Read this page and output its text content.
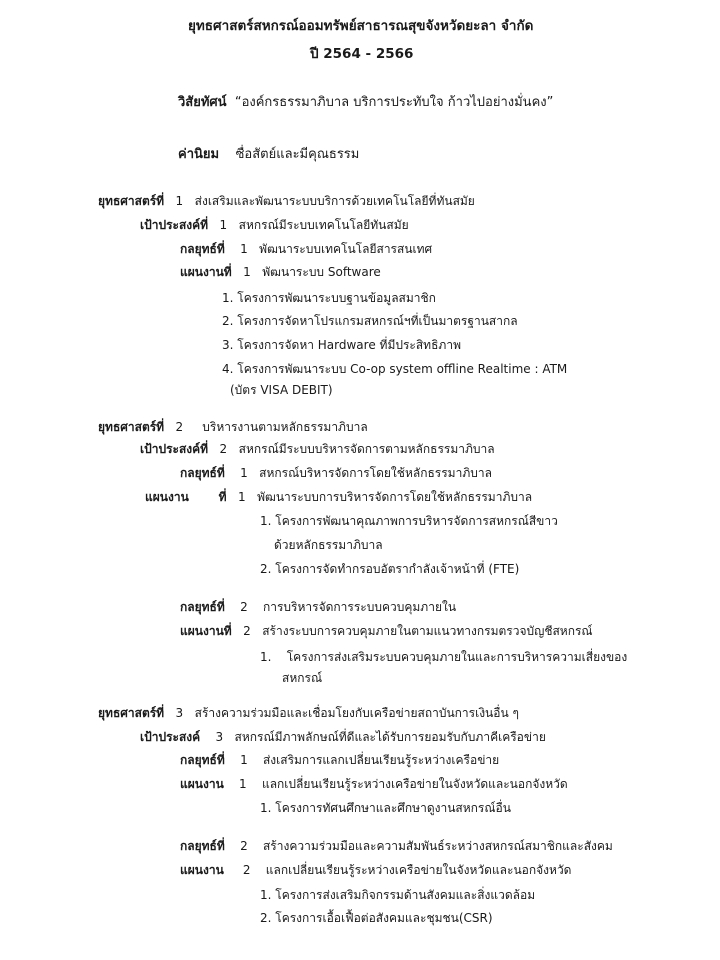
ยุทธศาสตร์สหกรณ์ออมทรัพย์สาธารณสุขจังหวัดยะลา จำกัด
ปี 2564 - 2566
วิสัยทัศน์ “องค์กรธรรมาภิบาล บริการประทับใจ ก้าวไปอย่างมั่นคง”
ค่านิยม ซื่อสัตย์และมีคุณธรรม
ยุทธศาสตร์ที่ 1 ส่งเสริมและพัฒนาระบบบริการด้วยเทคโนโลยีที่ทันสมัย
เป้าประสงค์ที่ 1 สหกรณ์มีระบบเทคโนโลยีทันสมัย
กลยุทธ์ที่ 1 พัฒนาระบบเทคโนโลยีสารสนเทศ
แผนงานที่ 1 พัฒนาระบบ Software
1. โครงการพัฒนาระบบฐานข้อมูลสมาชิก
2. โครงการจัดหาโปรแกรมสหกรณ์ฯที่เป็นมาตรฐานสากล
3. โครงการจัดหา Hardware ที่มีประสิทธิภาพ
4. โครงการพัฒนาระบบ Co-op system offline Realtime : ATM
(บัตร VISA DEBIT)
ยุทธศาสตร์ที่ 2 บริหารงานตามหลักธรรมาภิบาล
เป้าประสงค์ที่ 2 สหกรณ์มีระบบบริหารจัดการตามหลักธรรมาภิบาล
กลยุทธ์ที่ 1 สหกรณ์บริหารจัดการโดยใช้หลักธรรมาภิบาล
แผนงาน ที่ 1 พัฒนาระบบการบริหารจัดการโดยใช้หลักธรรมาภิบาล
1. โครงการพัฒนาคุณภาพการบริหารจัดการสหกรณ์สีขาว
ด้วยหลักธรรมาภิบาล
2. โครงการจัดทำกรอบอัตรากำลังเจ้าหน้าที่ (FTE)
กลยุทธ์ที่ 2 การบริหารจัดการระบบควบคุมภายใน
แผนงานที่ 2 สร้างระบบการควบคุมภายในตามแนวทางกรมตรวจบัญชีสหกรณ์
1. โครงการส่งเสริมระบบควบคุมภายในและการบริหารความเสี่ยงของ
สหกรณ์
ยุทธศาสตร์ที่ 3 สร้างความร่วมมือและเชื่อมโยงกับเครือข่ายสถาบันการเงินอื่น ๆ
เป้าประสงค์ 3 สหกรณ์มีภาพลักษณ์ที่ดีและได้รับการยอมรับกับภาคีเครือข่าย
กลยุทธ์ที่ 1 ส่งเสริมการแลกเปลี่ยนเรียนรู้ระหว่างเครือข่าย
แผนงาน 1 แลกเปลี่ยนเรียนรู้ระหว่างเครือข่ายในจังหวัดและนอกจังหวัด
1. โครงการทัศนศึกษาและศึกษาดูงานสหกรณ์อื่น
กลยุทธ์ที่ 2 สร้างความร่วมมือและความสัมพันธ์ระหว่างสหกรณ์สมาชิกและสังคม
แผนงาน 2 แลกเปลี่ยนเรียนรู้ระหว่างเครือข่ายในจังหวัดและนอกจังหวัด
1. โครงการส่งเสริมกิจกรรมด้านสังคมและสิ่งแวดล้อม
2. โครงการเอื้อเฟื้อต่อสังคมและชุมชน(CSR)
